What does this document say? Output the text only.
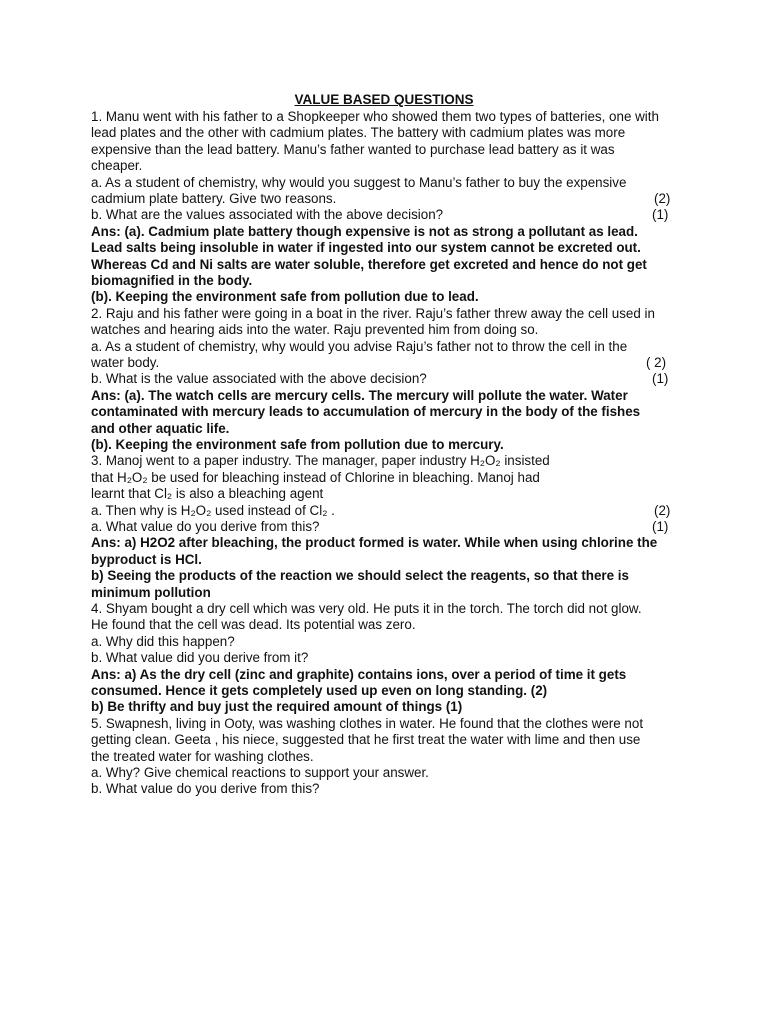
VALUE BASED QUESTIONS
1. Manu went with his father to a Shopkeeper who showed them two types of batteries, one with
lead plates and the other with cadmium plates. The battery with cadmium plates was more
expensive than the lead battery. Manu’s father wanted to purchase lead battery as it was
cheaper.
a. As a student of chemistry, why would you suggest to Manu’s father to buy the expensive
cadmium plate battery. Give two reasons.	(2)
b. What are the values associated with the above decision?	(1)
Ans: (a). Cadmium plate battery though expensive is not as strong a pollutant as lead.
Lead salts being insoluble in water if ingested into our system cannot be excreted out.
Whereas Cd and Ni salts are water soluble, therefore get excreted and hence do not get
biomagnified in the body.
(b). Keeping the environment safe from pollution due to lead.
2. Raju and his father were going in a boat in the river. Raju’s father threw away the cell used in
watches and hearing aids into the water. Raju prevented him from doing so.
a. As a student of chemistry, why would you advise Raju’s father not to throw the cell in the
water body.	( 2)
b. What is the value associated with the above decision?	(1)
Ans: (a). The watch cells are mercury cells. The mercury will pollute the water. Water
contaminated with mercury leads to accumulation of mercury in the body of the fishes
and other aquatic life.
(b). Keeping the environment safe from pollution due to mercury.
3. Manoj went to a paper industry. The manager, paper industry H₂O₂ insisted
that H₂O₂ be used for bleaching instead of Chlorine in bleaching. Manoj had
learnt that Cl₂ is also a bleaching agent
a. Then why is H₂O₂ used instead of Cl₂ .	(2)
a. What value do you derive from this?	(1)
Ans: a) H2O2 after bleaching, the product formed is water. While when using chlorine the
byproduct is HCl.
b) Seeing the products of the reaction we should select the reagents, so that there is
minimum pollution
4. Shyam bought a dry cell which was very old. He puts it in the torch. The torch did not glow.
He found that the cell was dead. Its potential was zero.
a. Why did this happen?
b. What value did you derive from it?
Ans: a) As the dry cell (zinc and graphite) contains ions, over a period of time it gets
consumed. Hence it gets completely used up even on long standing. (2)
b) Be thrifty and buy just the required amount of things (1)
5. Swapnesh, living in Ooty, was washing clothes in water. He found that the clothes were not
getting clean. Geeta , his niece, suggested that he first treat the water with lime and then use
the treated water for washing clothes.
a. Why? Give chemical reactions to support your answer.
b. What value do you derive from this?
